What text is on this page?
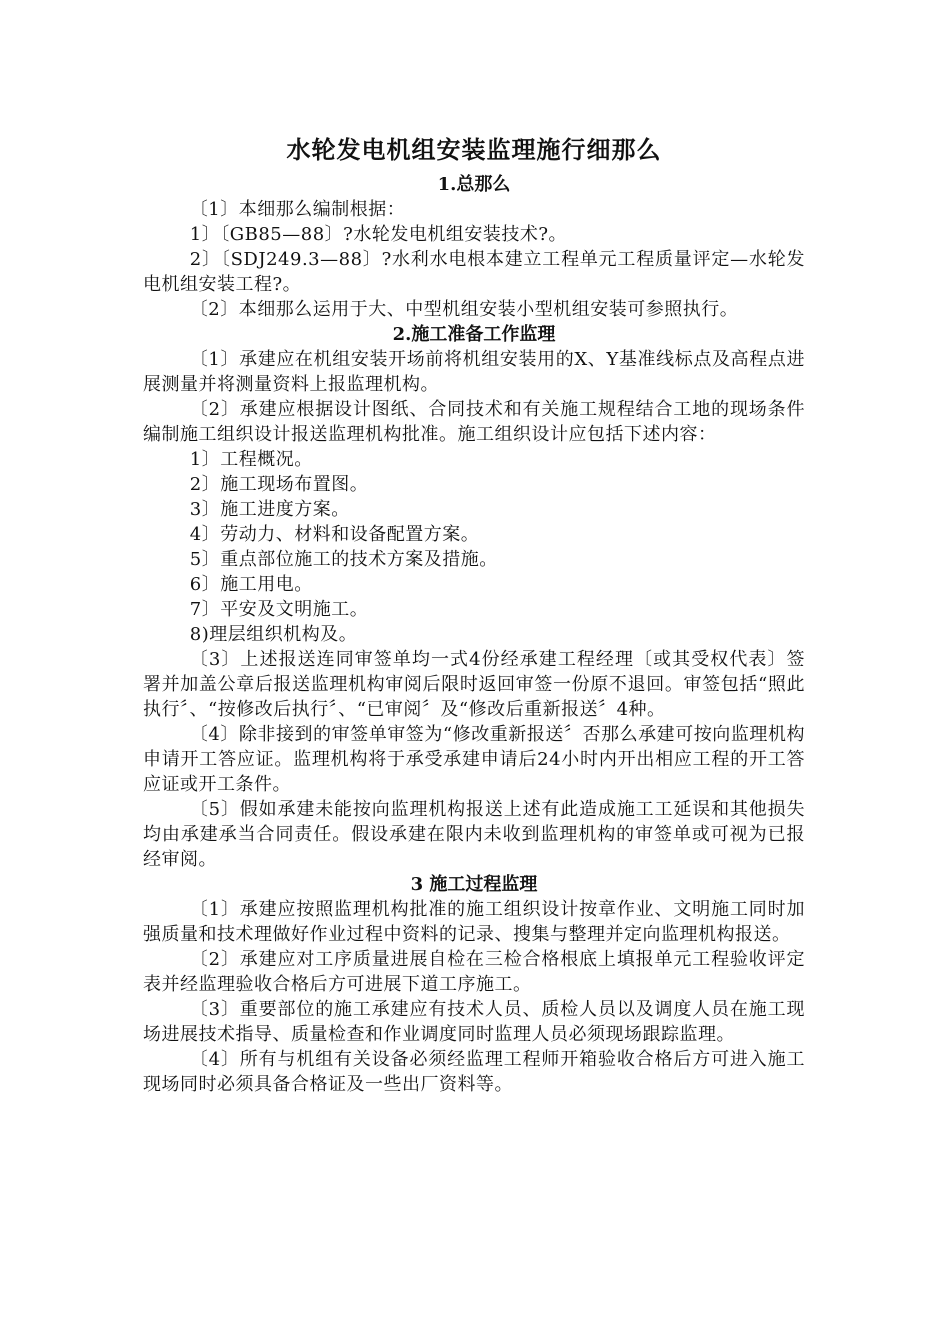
水轮发电机组安装监理施行细那么
1.总那么

〔1〕本细那么编制根据：

1〕〔GB85—88〕?水轮发电机组安装技术?。

2〕〔SDJ249.3—88〕?水利水电根本建立工程单元工程质量评定—水轮发电机组安装工程?。

〔2〕本细那么运用于大、中型机组安装小型机组安装可参照执行。

2.施工准备工作监理

〔1〕承建应在机组安装开场前将机组安装用的X、Y基准线标点及高程点进展测量并将测量资料上报监理机构。

〔2〕承建应根据设计图纸、合同技术和有关施工规程结合工地的现场条件编制施工组织设计报送监理机构批准。施工组织设计应包括下述内容：

1〕工程概况。

2〕施工现场布置图。

3〕施工进度方案。

4〕劳动力、材料和设备配置方案。

5〕重点部位施工的技术方案及措施。

6〕施工用电。

7〕平安及文明施工。

8)理层组织机构及。

〔3〕上述报送连同审签单均一式4份经承建工程经理〔或其受权代表〕签署并加盖公章后报送监理机构审阅后限时返回审签一份原不退回。审签包括“照此执行〞、“按修改后执行〞、“已审阅〞及“修改后重新报送〞4种。

〔4〕除非接到的审签单审签为“修改重新报送〞否那么承建可按向监理机构申请开工答应证。监理机构将于承受承建申请后24小时内开出相应工程的开工答应证或开工条件。

〔5〕假如承建未能按向监理机构报送上述有此造成施工工延误和其他损失均由承建承当合同责任。假设承建在限内未收到监理机构的审签单或可视为已报经审阅。

3 施工过程监理

〔1〕承建应按照监理机构批准的施工组织设计按章作业、文明施工同时加强质量和技术理做好作业过程中资料的记录、搜集与整理并定向监理机构报送。

〔2〕承建应对工序质量进展自检在三检合格根底上填报单元工程验收评定表并经监理验收合格后方可进展下道工序施工。

〔3〕重要部位的施工承建应有技术人员、质检人员以及调度人员在施工现场进展技术指导、质量检查和作业调度同时监理人员必须现场跟踪监理。

〔4〕所有与机组有关设备必须经监理工程师开箱验收合格后方可进入施工现场同时必须具备合格证及一些出厂资料等。
